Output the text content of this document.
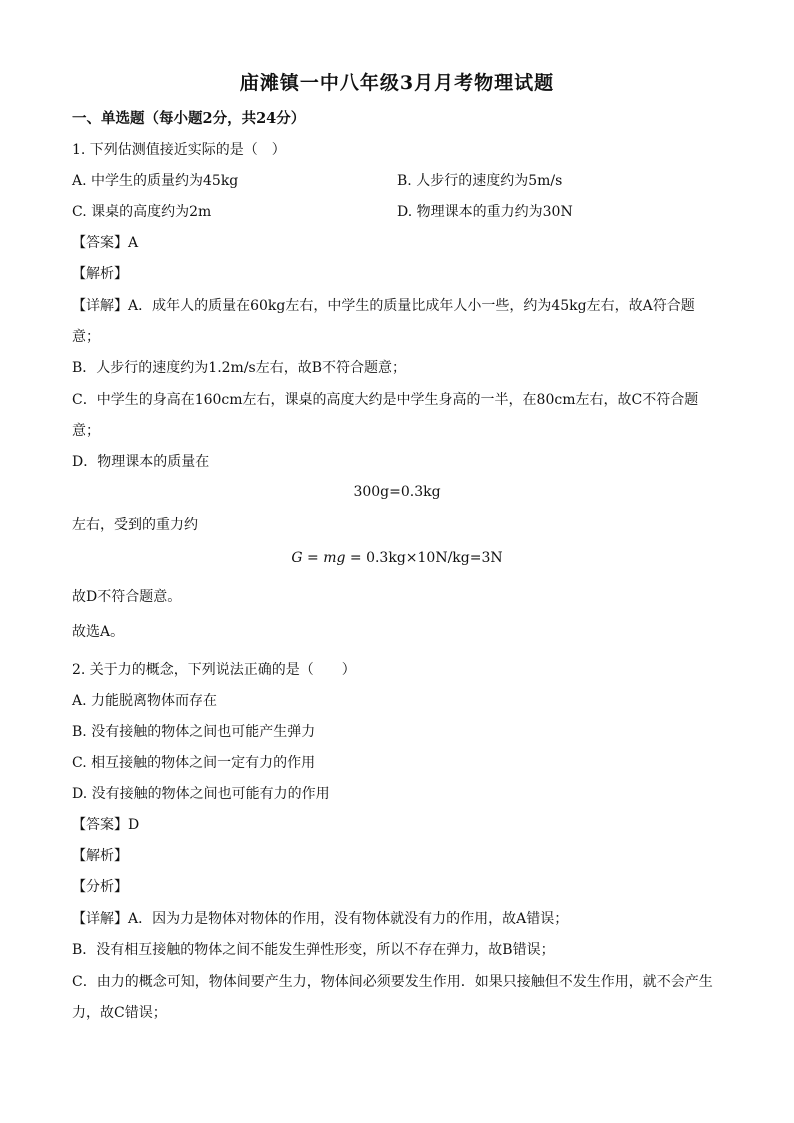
庙滩镇一中八年级3月月考物理试题
一、单选题（每小题2分，共24分）
1. 下列估测值接近实际的是（　）
A. 中学生的质量约为45kg	B. 人步行的速度约为5m/s
C. 课桌的高度约为2m	D. 物理课本的重力约为30N
【答案】A
【解析】
【详解】A．成年人的质量在60kg左右，中学生的质量比成年人小一些，约为45kg左右，故A符合题
意；
B．人步行的速度约为1.2m/s左右，故B不符合题意；
C．中学生的身高在160cm左右，课桌的高度大约是中学生身高的一半，在80cm左右，故C不符合题
意；
D．物理课本的质量在
300g=0.3kg
左右，受到的重力约
G = mg = 0.3kg×10N/kg=3N
故D不符合题意。
故选A。
2. 关于力的概念，下列说法正确的是（　　）
A. 力能脱离物体而存在
B. 没有接触的物体之间也可能产生弹力
C. 相互接触的物体之间一定有力的作用
D. 没有接触的物体之间也可能有力的作用
【答案】D
【解析】
【分析】
【详解】A．因为力是物体对物体的作用，没有物体就没有力的作用，故A错误；
B．没有相互接触的物体之间不能发生弹性形变，所以不存在弹力，故B错误；
C．由力的概念可知，物体间要产生力，物体间必须要发生作用．如果只接触但不发生作用，就不会产生
力，故C错误；
